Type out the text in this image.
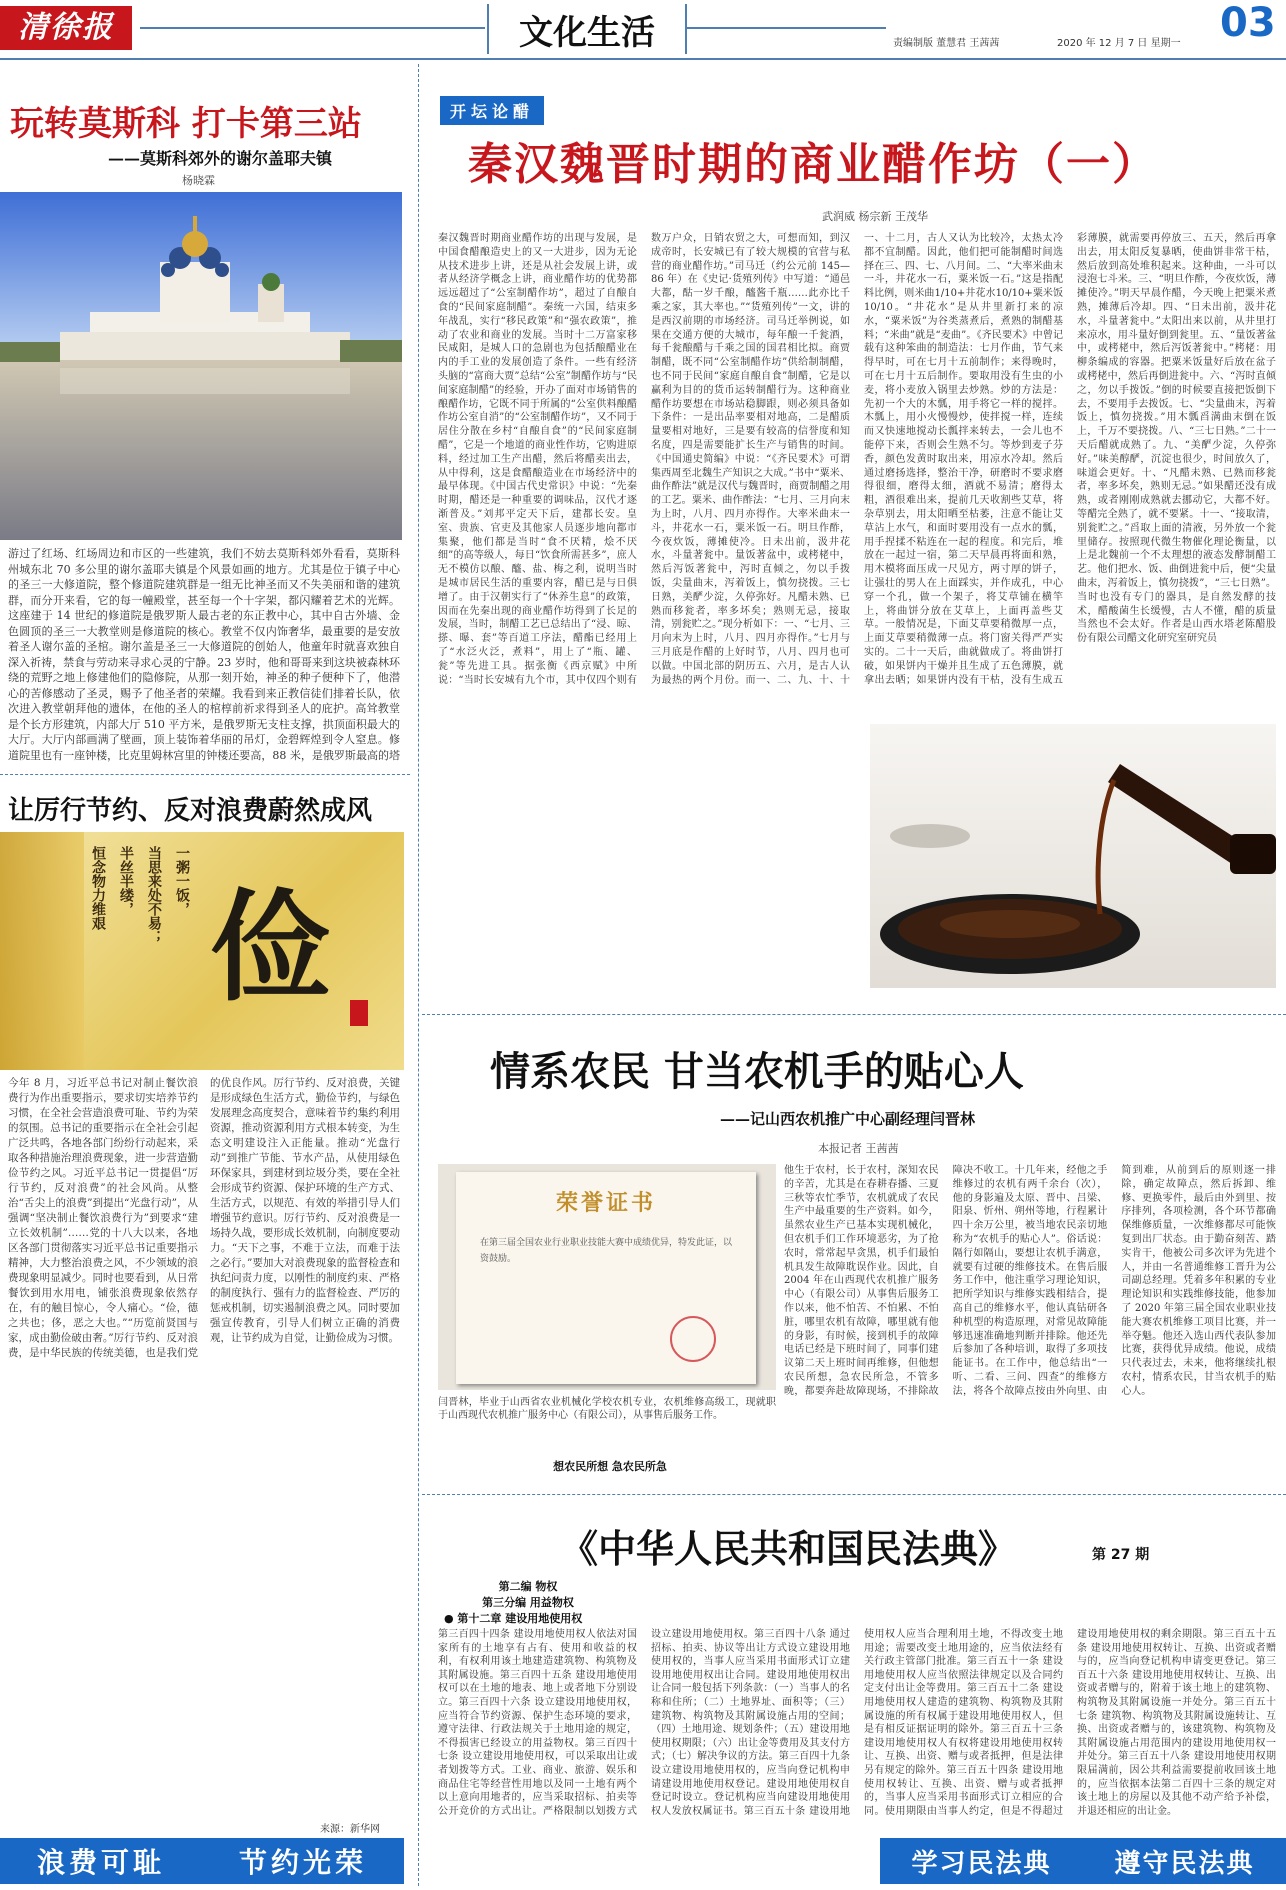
清徐报	文化生活	责编制版 董慧君 王茜茜	2020 年 12 月 7 日 星期一 03
玩转莫斯科 打卡第三站
——莫斯科郊外的谢尔盖耶夫镇
杨晓霖
游过了红场、红场周边和市区的一些建筑，我们不妨去莫斯科郊外看看，莫斯科州城东北 70 多公里的谢尔盖耶夫镇是个风景如画的地方。尤其是位于镇子中心的圣三一大修道院，整个修道院建筑群是一组无比神圣而又不失美丽和谐的建筑群，而分开来看，它的每一幢殿堂，甚至每一个十字架，都闪耀着艺术的光辉。这座建于 14 世纪的修道院是俄罗斯人最古老的东正教中心，其中自古外墙、金色圆顶的圣三一大教堂则是修道院的核心。教堂不仅内饰奢华，最重要的是安放着圣人谢尔盖的圣棺。谢尔盖是圣三一大修道院的创始人，他童年时就喜欢独自深入祈祷，禁食与劳动来寻求心灵的宁静。23 岁时，他和哥哥来到这块被森林环绕的荒野之地上修建他们的隐修院，从那一刻开始，神圣的种子便种下了，他潜心的苦修感动了圣灵，赐予了他圣者的荣耀。我看到来正教信徒们排着长队，依次进入教堂朝拜他的遗体，在他的圣人的棺椁前祈求得到圣人的庇护。高耸教堂是个长方形建筑，内部大厅 510 平方米，是俄罗斯无支柱支撑，拱顶面积最大的大厅。大厅内部画满了壁画，顶上装饰着华丽的吊灯，金碧辉煌到令人窒息。修道院里也有一座钟楼，比克里姆林宫里的钟楼还要高，88 米，是俄罗斯最高的塔
让厉行节约、反对浪费蔚然成风
一粥一饭，
当思来处不易；
半丝半缕，
恒念物力维艰 俭
今年 8 月，习近平总书记对制止餐饮浪费行为作出重要指示，要求切实培养节约习惯，在全社会营造浪费可耻、节约为荣的氛围。总书记的重要指示在全社会引起广泛共鸣，各地各部门纷纷行动起来，采取各种措施治理浪费现象，进一步营造勤俭节约之风。习近平总书记一贯提倡“厉行节约，反对浪费”的社会风尚。从整治“舌尖上的浪费”到提出“光盘行动”，从强调“坚决制止餐饮浪费行为”到要求“建立长效机制”……党的十八大以来，各地区各部门贯彻落实习近平总书记重要指示精神，大力整治浪费之风，不少领域的浪费现象明显减少。同时也要看到，从日常餐饮到用水用电，铺张浪费现象依然存在，有的触目惊心，令人痛心。“俭，德之共也；侈，恶之大也。”“历览前贤国与家，成由勤俭破由奢。”厉行节约、反对浪费，是中华民族的传统美德，也是我们党的优良作风。厉行节约、反对浪费，关键是形成绿色生活方式，勤俭节约，与绿色发展理念高度契合，意味着节约集约利用资源，推动资源利用方式根本转变，为生态文明建设注入正能量。推动“光盘行动”到推广节能、节水产品，从使用绿色环保家具，到建材到垃圾分类，要在全社会形成节约资源、保护环境的生产方式、生活方式，以规范、有效的举措引导人们增强节约意识。厉行节约、反对浪费是一场持久战，要形成长效机制，向制度要动力。“天下之事，不难于立法，而难于法之必行。”要加大对浪费现象的监督检查和执纪问责力度，以刚性的制度约束、严格的制度执行、强有力的监督检查、严厉的惩戒机制，切实遏制浪费之风。同时要加强宣传教育，引导人们树立正确的消费观，让节约成为自觉，让勤俭成为习惯。
来源：新华网
浪费可耻	节约光荣
开坛论醋
秦汉魏晋时期的商业醋作坊（一）
武润威 杨宗新 王茂华
秦汉魏晋时期商业醋作坊的出现与发展，是中国食醋酿造史上的又一大进步，因为无论从技术进步上讲，还是从社会发展上讲，或者从经济学概念上讲，商业醋作坊的优势都远远超过了“公室制醋作坊”，超过了自酿自食的“民间家庭制醋”。秦统一六国，结束多年战乱，实行“移民政策”和“强农政策”，推动了农业和商业的发展。当时十二万富家移民咸阳，是城人口的急剧也为包括酿醋业在内的手工业的发展创造了条件。一些有经济头脑的“富商大贾”总结“公室”制醋作坊与“民间家庭制醋”的经验，开办了面对市场销售的酿醋作坊，它既不同于所属的“公室供料酿醋作坊公室自消”的“公室制醋作坊”，又不同于居住分散在乡村“自酿自食”的“民间家庭制醋”，它是一个地道的商业性作坊，它购进原料，经过加工生产出醋，然后将醋卖出去，从中得利，这是食醋酿造业在市场经济中的最早体现。《中国古代史常识》中说：“先秦时期，醋还是一种重要的调味品，汉代才逐渐普及。”刘邦平定天下后，建都长安。皇室、贵族、官吏及其他家人员逐步地向都市集聚，他们都是当时“食不厌精，烩不厌细”的高等级人，每日“饮食所需甚多”，庶人无不模仿以酿、醯、盐、梅之利，说明当时是城市居民生活的重要内容，醋已是与日俱增了。由于汉朝实行了“休养生息”的政策，因而在先秦出现的商业醋作坊得到了长足的发展，当时，制醋工艺已总结出了“浸、晾、搽、曝、套”等百道工序法，醋酯已经用上了“水泛火泛，煮料”，用上了“瓶、罐、瓮”等先进工具。据张衡《西京赋》中所说：“当时长安城有九个市，其中仅四个则有数万户众，日销农贸之大，可想而知，到汉成帝时，长安城已有了较大规模的官营与私营的商业醋作坊。”司马迁（约公元前 145—86 年）在《史记·货殖列传》中写道：“通邑大都，酤一岁千酿，醯酱千瓶……此亦比千乘之家，其大率也。”“货殖列传”一文，讲的是西汉前期的市场经济。司马迁举例说，如果在交通方便的大城市，每年酿一千瓮酒，每千瓮酿醋与千乘之国的国君相比拟。商贾制醋，既不同“公室制醋作坊”供给制制醋，也不同于民间“家庭自酿自食”制醋，它是以赢利为目的的货币运转制醋行为。这种商业醋作坊要想在市场站稳脚跟，则必须具备如下条件：一是出品率要相对地高，二是醋质量要相对地好，三是要有较高的信誉度和知名度，四是需要能扩长生产与销售的时间。《中国通史简编》中说：“《齐民要术》可谓集西周至北魏生产知识之大成。”书中“粟米、曲作酢法”就是汉代与魏晋时，商贾制醋之用的工艺。粟米、曲作酢法：“七月、三月向末为上时，八月、四月亦得作。大率米曲末一斗，井花水一石，粟米饭一石。明旦作酢，今夜炊饭，薄摊使冷。日未出前，汲井花水，斗量著瓮中。量饭著盆中，或栲栳中，然后泻饭著瓮中，泻时直倾之，勿以手拨饭，尖量曲末，泻着饭上，慎勿挠拨。三七日熟，美酽少淀，久停弥好。凡醋未熟、已熟而移瓮者，率多坏矣；熟则无忌，接取清，别瓮贮之。”现分析如下：一、“七月、三月向末为上时，八月、四月亦得作。”七月与三月底是作醋的上好时节，八月、四月也可以做。中国北部的阴历五、六月，是古人认为最热的两个月份。而一、二、九、十、十一、十二月，古人又认为比较冷，太热太冷都不宜制醋。因此，他们把可能制醋时间选择在三、四、七、八月间。二、“大率米曲末一斗，井花水一石，粟米饭一石。”这是指配料比例，则米曲1/10+井花水10/10+粟米饭10/10。“井花水”是从井里新打来的凉水，“粟米饭”为谷类蒸煮后，煮熟的制醋基料；“米曲”就是“麦曲”。《齐民要术》中曾记载有这种笨曲的制造法：七月作曲，节气来得早时，可在七月十五前制作；来得晚时，可在七月十五后制作。要取用没有生虫的小麦，将小麦放入锅里去炒熟。炒的方法是：先初一个大的木瓢，用手将它一样的搅拌。木瓢上，用小火慢慢炒，使拌搅一样，连续而又快速地搅动长瓢拌来转去，一会儿也不能停下来，否则会生熟不匀。等炒到麦子芬香，颜色发黄时取出来，用凉水冷却。然后通过磨扬选择，整治干净，研磨时不要求磨得很细，磨得太细，酒就不易清；磨得太粗，酒很难出来，提前几天收割些艾草，将杂草别去，用太阳晒至枯萎，注意不能让艾草沾上水气，和面时要用没有一点水的瓢，用手捏揉不粘连在一起的程度。和完后，堆放在一起过一宿，第二天早晨再将面和熟，用木模将面压成一尺见方，两寸厚的饼子，让强壮的男人在上面踩实，并作成孔，中心穿一个孔，做一个架子，将艾草铺在横竿上，将曲饼分放在艾草上，上面再盖些艾草。一般情况是，下面艾草要稍微厚一点，上面艾草要稍微薄一点。将门窗关得严严实实的。二十一天后，曲就做成了。将曲饼打破，如果饼内干燥并且生成了五色薄膜，就拿出去晒；如果饼内没有干枯，没有生成五彩薄膜，就需要再停放三、五天，然后再拿出去，用太阳反复暴晒，使曲饼非常干枯，然后放到高处堆积起来。这种曲，一斗可以浸泡七斗米。三、“明旦作酢，今夜炊饭，薄摊使冷。”明天早晨作醋，今天晚上把粟米煮熟，摊薄后冷却。四、“日未出前，汲井花水，斗量著瓮中。”太阳出来以前，从井里打来凉水，用斗量好倒到瓮里。五、“量饭著盆中，或栲栳中，然后泻饭著瓮中。”栲栳：用柳条编成的容器。把粟米饭量好后放在盆子或栲栳中，然后再倒进瓮中。六、“泻时直倾之，勿以手拨饭。”倒的时候要直接把饭倒下去，不要用手去拨饭。七、“尖量曲末，泻着饭上，慎勿挠拨。”用木瓢舀满曲末倒在饭上，千万不要挠拨。八、“三七日熟。”二十一天后醋就成熟了。九、“美酽少淀，久停弥好。”味美醇酽，沉淀也很少，时间放久了，味道会更好。十、“凡醋未熟、已熟而移瓮者，率多坏矣，熟则无忌。”如果醋还没有成熟，或者刚刚成熟就去挪动它，大都不好。等醋完全熟了，就不要紧。十一、“接取清，别瓮贮之。”舀取上面的清液，另外放一个瓮里储存。按照现代微生物催化理论衡量，以上是北魏前一个不太理想的液态发酵制醋工艺。他们把水、饭、曲倒进瓮中后，便“尖量曲末，泻着饭上，慎勿挠拨”，“三七日熟”。当时也没有专门的器具，是自然发酵的技术，醋酸菌生长缓慢，古人不懂，醋的质量当然也不会太好。作者是山西水塔老陈醋股份有限公司醋文化研究室研究员
情系农民 甘当农机手的贴心人
——记山西农机推广中心副经理闫晋林
本报记者 王茜茜
荣誉证书
在第三届全国农业行业职业技能大赛中成绩优异，特发此证，以资鼓励。
闫晋林，毕业于山西省农业机械化学校农机专业，农机维修高级工，现就职于山西现代农机推广服务中心（有限公司），从事售后服务工作。
想农民所想 急农民所急
他生于农村，长于农村，深知农民的辛苦，尤其是在春耕春播、三夏三秋等农忙季节，农机就成了农民生产中最重要的生产资料。如今，虽然农业生产已基本实现机械化，但农机手们工作环境恶劣，为了抢农时，常常起早贪黑，机手们最怕机具发生故障耽误作业。因此，自 2004 年在山西现代农机推广服务中心（有限公司）从事售后服务工作以来，他不怕苦、不怕累、不怕脏，哪里农机有故障，哪里就有他的身影，有时候，接到机手的故障电话已经是下班时间了，同事们建议第二天上班时间再维修，但他想农民所想，急农民所急，不管多晚，都要奔赴故障现场，不排除故障决不收工。十几年来，经他之手维修过的农机有两千余台（次），他的身影遍及太原、晋中、吕梁、阳泉、忻州、朔州等地，行程累计四十余万公里，被当地农民亲切地称为“农机手的贴心人”。俗话说：隔行如隔山，要想让农机手满意，就要有过硬的维修技术。在售后服务工作中，他注重学习理论知识，把所学知识与维修实践相结合，提高自己的维修水平，他认真钻研各种机型的构造原理，对常见故障能够迅速准确地判断并排除。他还先后参加了各种培训，取得了多项技能证书。在工作中，他总结出“一听、二看、三问、四查”的维修方法，将各个故障点按由外向里、由简到难，从前到后的原则逐一排除，确定故障点，然后拆卸、维修、更换零件，最后由外到里、按序排列，各项检测，各个环节都确保维修质量，一次维修都尽可能恢复到出厂状态。由于勤奋刻苦、踏实肯干，他被公司多次评为先进个人，并由一名普通维修工晋升为公司副总经理。凭着多年积累的专业理论知识和实践维修技能，他参加了 2020 年第三届全国农业职业技能大赛农机维修工项目比赛，并一举夺魁。他还入选山西代表队参加比赛，获得优异成绩。他说，成绩只代表过去，未来，他将继续扎根农村，情系农民，甘当农机手的贴心人。
《中华人民共和国民法典》	第 27 期
第二编 物权
第三分编 用益物权
● 第十二章 建设用地使用权
第三百四十四条 建设用地使用权人依法对国家所有的土地享有占有、使用和收益的权利，有权利用该土地建造建筑物、构筑物及其附属设施。第三百四十五条 建设用地使用权可以在土地的地表、地上或者地下分别设立。第三百四十六条 设立建设用地使用权，应当符合节约资源、保护生态环境的要求，遵守法律、行政法规关于土地用途的规定，不得损害已经设立的用益物权。第三百四十七条 设立建设用地使用权，可以采取出让或者划拨等方式。工业、商业、旅游、娱乐和商品住宅等经营性用地以及同一土地有两个以上意向用地者的，应当采取招标、拍卖等公开竞价的方式出让。严格限制以划拨方式设立建设用地使用权。第三百四十八条 通过招标、拍卖、协议等出让方式设立建设用地使用权的，当事人应当采用书面形式订立建设用地使用权出让合同。建设用地使用权出让合同一般包括下列条款：（一）当事人的名称和住所；（二）土地界址、面积等；（三）建筑物、构筑物及其附属设施占用的空间；（四）土地用途、规划条件；（五）建设用地使用权期限；（六）出让金等费用及其支付方式；（七）解决争议的方法。第三百四十九条 设立建设用地使用权的，应当向登记机构申请建设用地使用权登记。建设用地使用权自登记时设立。登记机构应当向建设用地使用权人发放权属证书。第三百五十条 建设用地使用权人应当合理利用土地，不得改变土地用途；需要改变土地用途的，应当依法经有关行政主管部门批准。第三百五十一条 建设用地使用权人应当依照法律规定以及合同约定支付出让金等费用。第三百五十二条 建设用地使用权人建造的建筑物、构筑物及其附属设施的所有权属于建设用地使用权人，但是有相反证据证明的除外。第三百五十三条 建设用地使用权人有权将建设用地使用权转让、互换、出资、赠与或者抵押，但是法律另有规定的除外。第三百五十四条 建设用地使用权转让、互换、出资、赠与或者抵押的，当事人应当采用书面形式订立相应的合同。使用期限由当事人约定，但是不得超过建设用地使用权的剩余期限。第三百五十五条 建设用地使用权转让、互换、出资或者赠与的，应当向登记机构申请变更登记。第三百五十六条 建设用地使用权转让、互换、出资或者赠与的，附着于该土地上的建筑物、构筑物及其附属设施一并处分。第三百五十七条 建筑物、构筑物及其附属设施转让、互换、出资或者赠与的，该建筑物、构筑物及其附属设施占用范围内的建设用地使用权一并处分。第三百五十八条 建设用地使用权期限届满前，因公共利益需要提前收回该土地的，应当依据本法第二百四十三条的规定对该土地上的房屋以及其他不动产给予补偿，并退还相应的出让金。
学习民法典 遵守民法典
